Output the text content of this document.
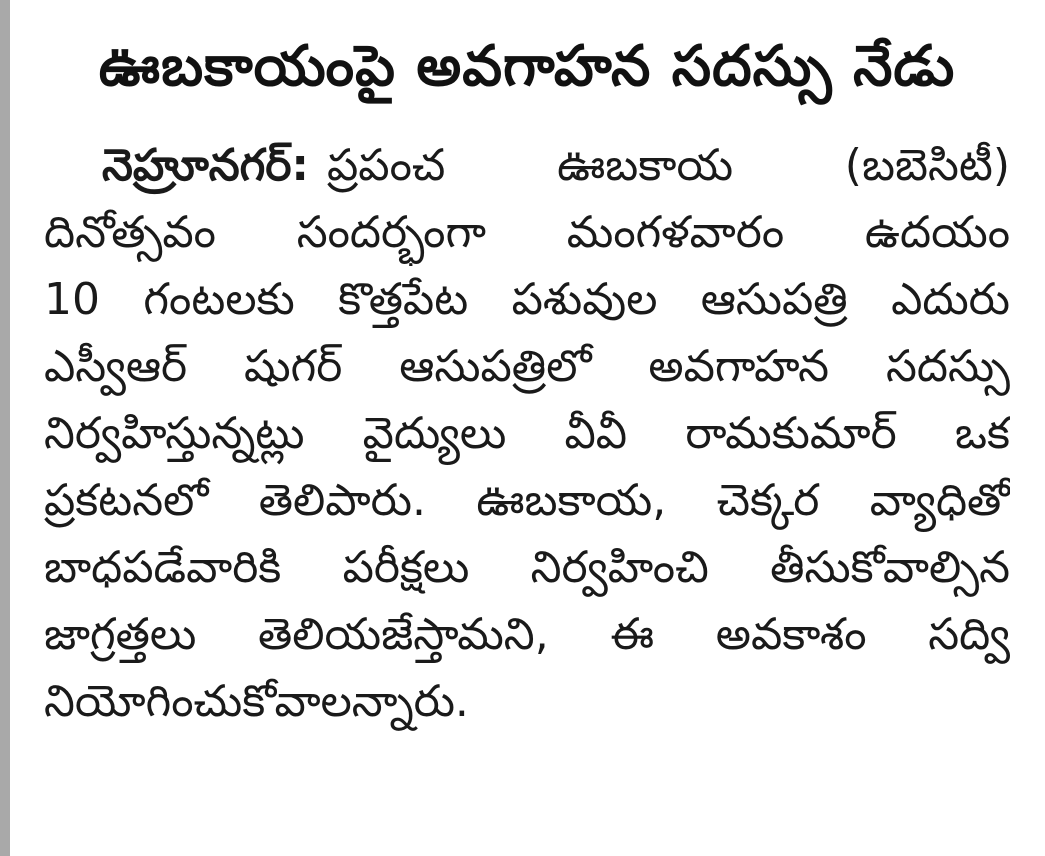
ఊబకాయంపై అవగాహన సదస్సు నేడు
నెహ్రూనగర్: ప్రపంచ ఊబకాయ (బబెసిటీ)
దినోత్సవం సందర్భంగా మంగళవారం ఉదయం
10 గంటలకు కొత్తపేట పశువుల ఆసుపత్రి ఎదురు
ఎస్వీఆర్ షుగర్ ఆసుపత్రిలో అవగాహన సదస్సు
నిర్వహిస్తున్నట్లు వైద్యులు వీవీ రామకుమార్ ఒక
ప్రకటనలో తెలిపారు. ఊబకాయ, చెక్కర వ్యాధితో
బాధపడేవారికి పరీక్షలు నిర్వహించి తీసుకోవాల్సిన
జాగ్రత్తలు తెలియజేస్తామని, ఈ అవకాశం సద్వి
నియోగించుకోవాలన్నారు.
